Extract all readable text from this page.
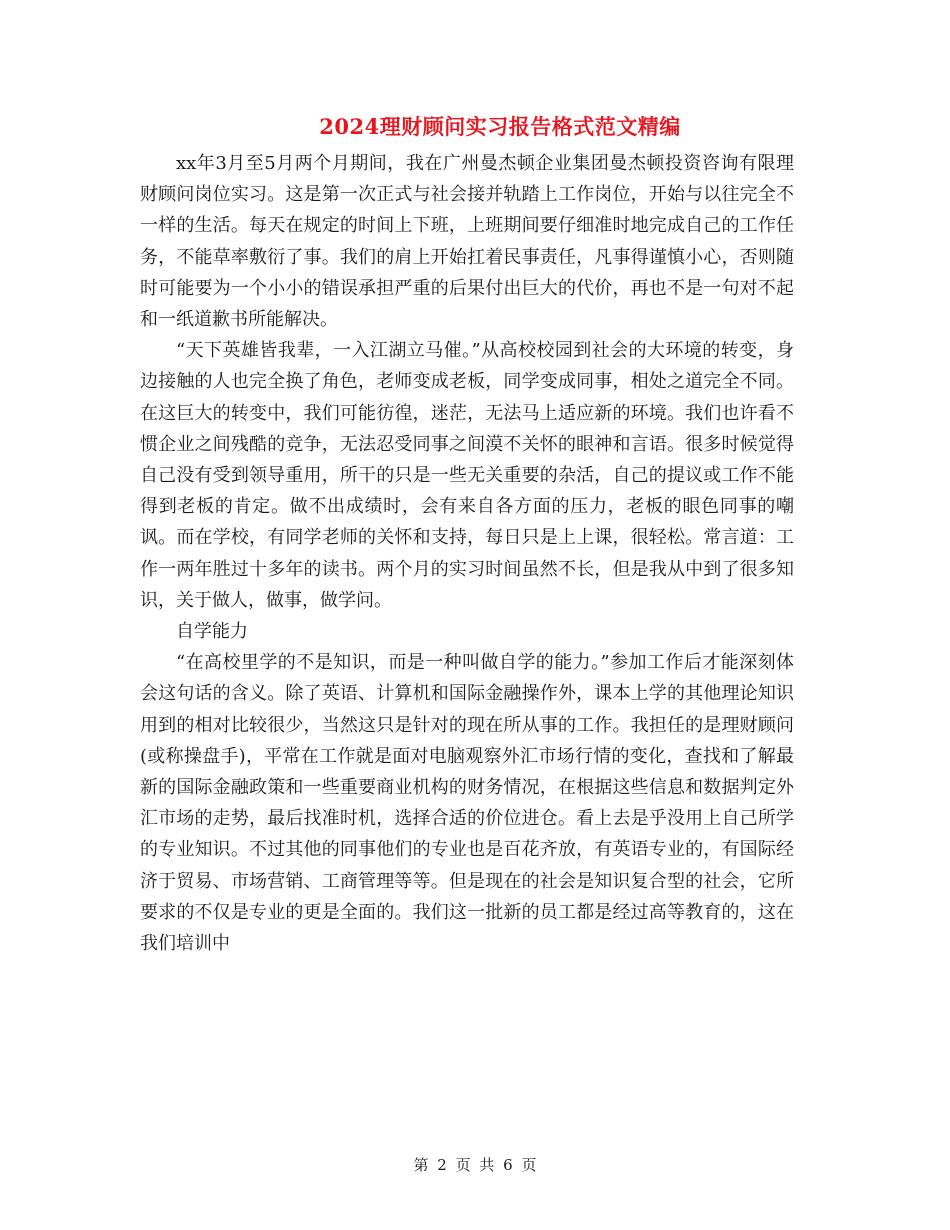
2024理财顾问实习报告格式范文精编

xx年3月至5月两个月期间，我在广州曼杰顿企业集团曼杰顿投资咨询有限理财顾问岗位实习。这是第一次正式与社会接并轨踏上工作岗位，开始与以往完全不一样的生活。每天在规定的时间上下班，上班期间要仔细准时地完成自己的工作任务，不能草率敷衍了事。我们的肩上开始扛着民事责任，凡事得谨慎小心，否则随时可能要为一个小小的错误承担严重的后果付出巨大的代价，再也不是一句对不起和一纸道歉书所能解决。

“天下英雄皆我辈，一入江湖立马催。”从高校校园到社会的大环境的转变，身边接触的人也完全换了角色，老师变成老板，同学变成同事，相处之道完全不同。在这巨大的转变中，我们可能彷徨，迷茫，无法马上适应新的环境。我们也许看不惯企业之间残酷的竞争，无法忍受同事之间漠不关怀的眼神和言语。很多时候觉得自己没有受到领导重用，所干的只是一些无关重要的杂活，自己的提议或工作不能得到老板的肯定。做不出成绩时，会有来自各方面的压力，老板的眼色同事的嘲讽。而在学校，有同学老师的关怀和支持，每日只是上上课，很轻松。常言道：工作一两年胜过十多年的读书。两个月的实习时间虽然不长，但是我从中到了很多知识，关于做人，做事，做学问。

自学能力

“在高校里学的不是知识，而是一种叫做自学的能力。”参加工作后才能深刻体会这句话的含义。除了英语、计算机和国际金融操作外，课本上学的其他理论知识用到的相对比较很少，当然这只是针对的现在所从事的工作。我担任的是理财顾问(或称操盘手)，平常在工作就是面对电脑观察外汇市场行情的变化，查找和了解最新的国际金融政策和一些重要商业机构的财务情况，在根据这些信息和数据判定外汇市场的走势，最后找准时机，选择合适的价位进仓。看上去是乎没用上自己所学的专业知识。不过其他的同事他们的专业也是百花齐放，有英语专业的，有国际经济于贸易、市场营销、工商管理等等。但是现在的社会是知识复合型的社会，它所要求的不仅是专业的更是全面的。我们这一批新的员工都是经过高等教育的，这在我们培训中

第 2 页 共 6 页
